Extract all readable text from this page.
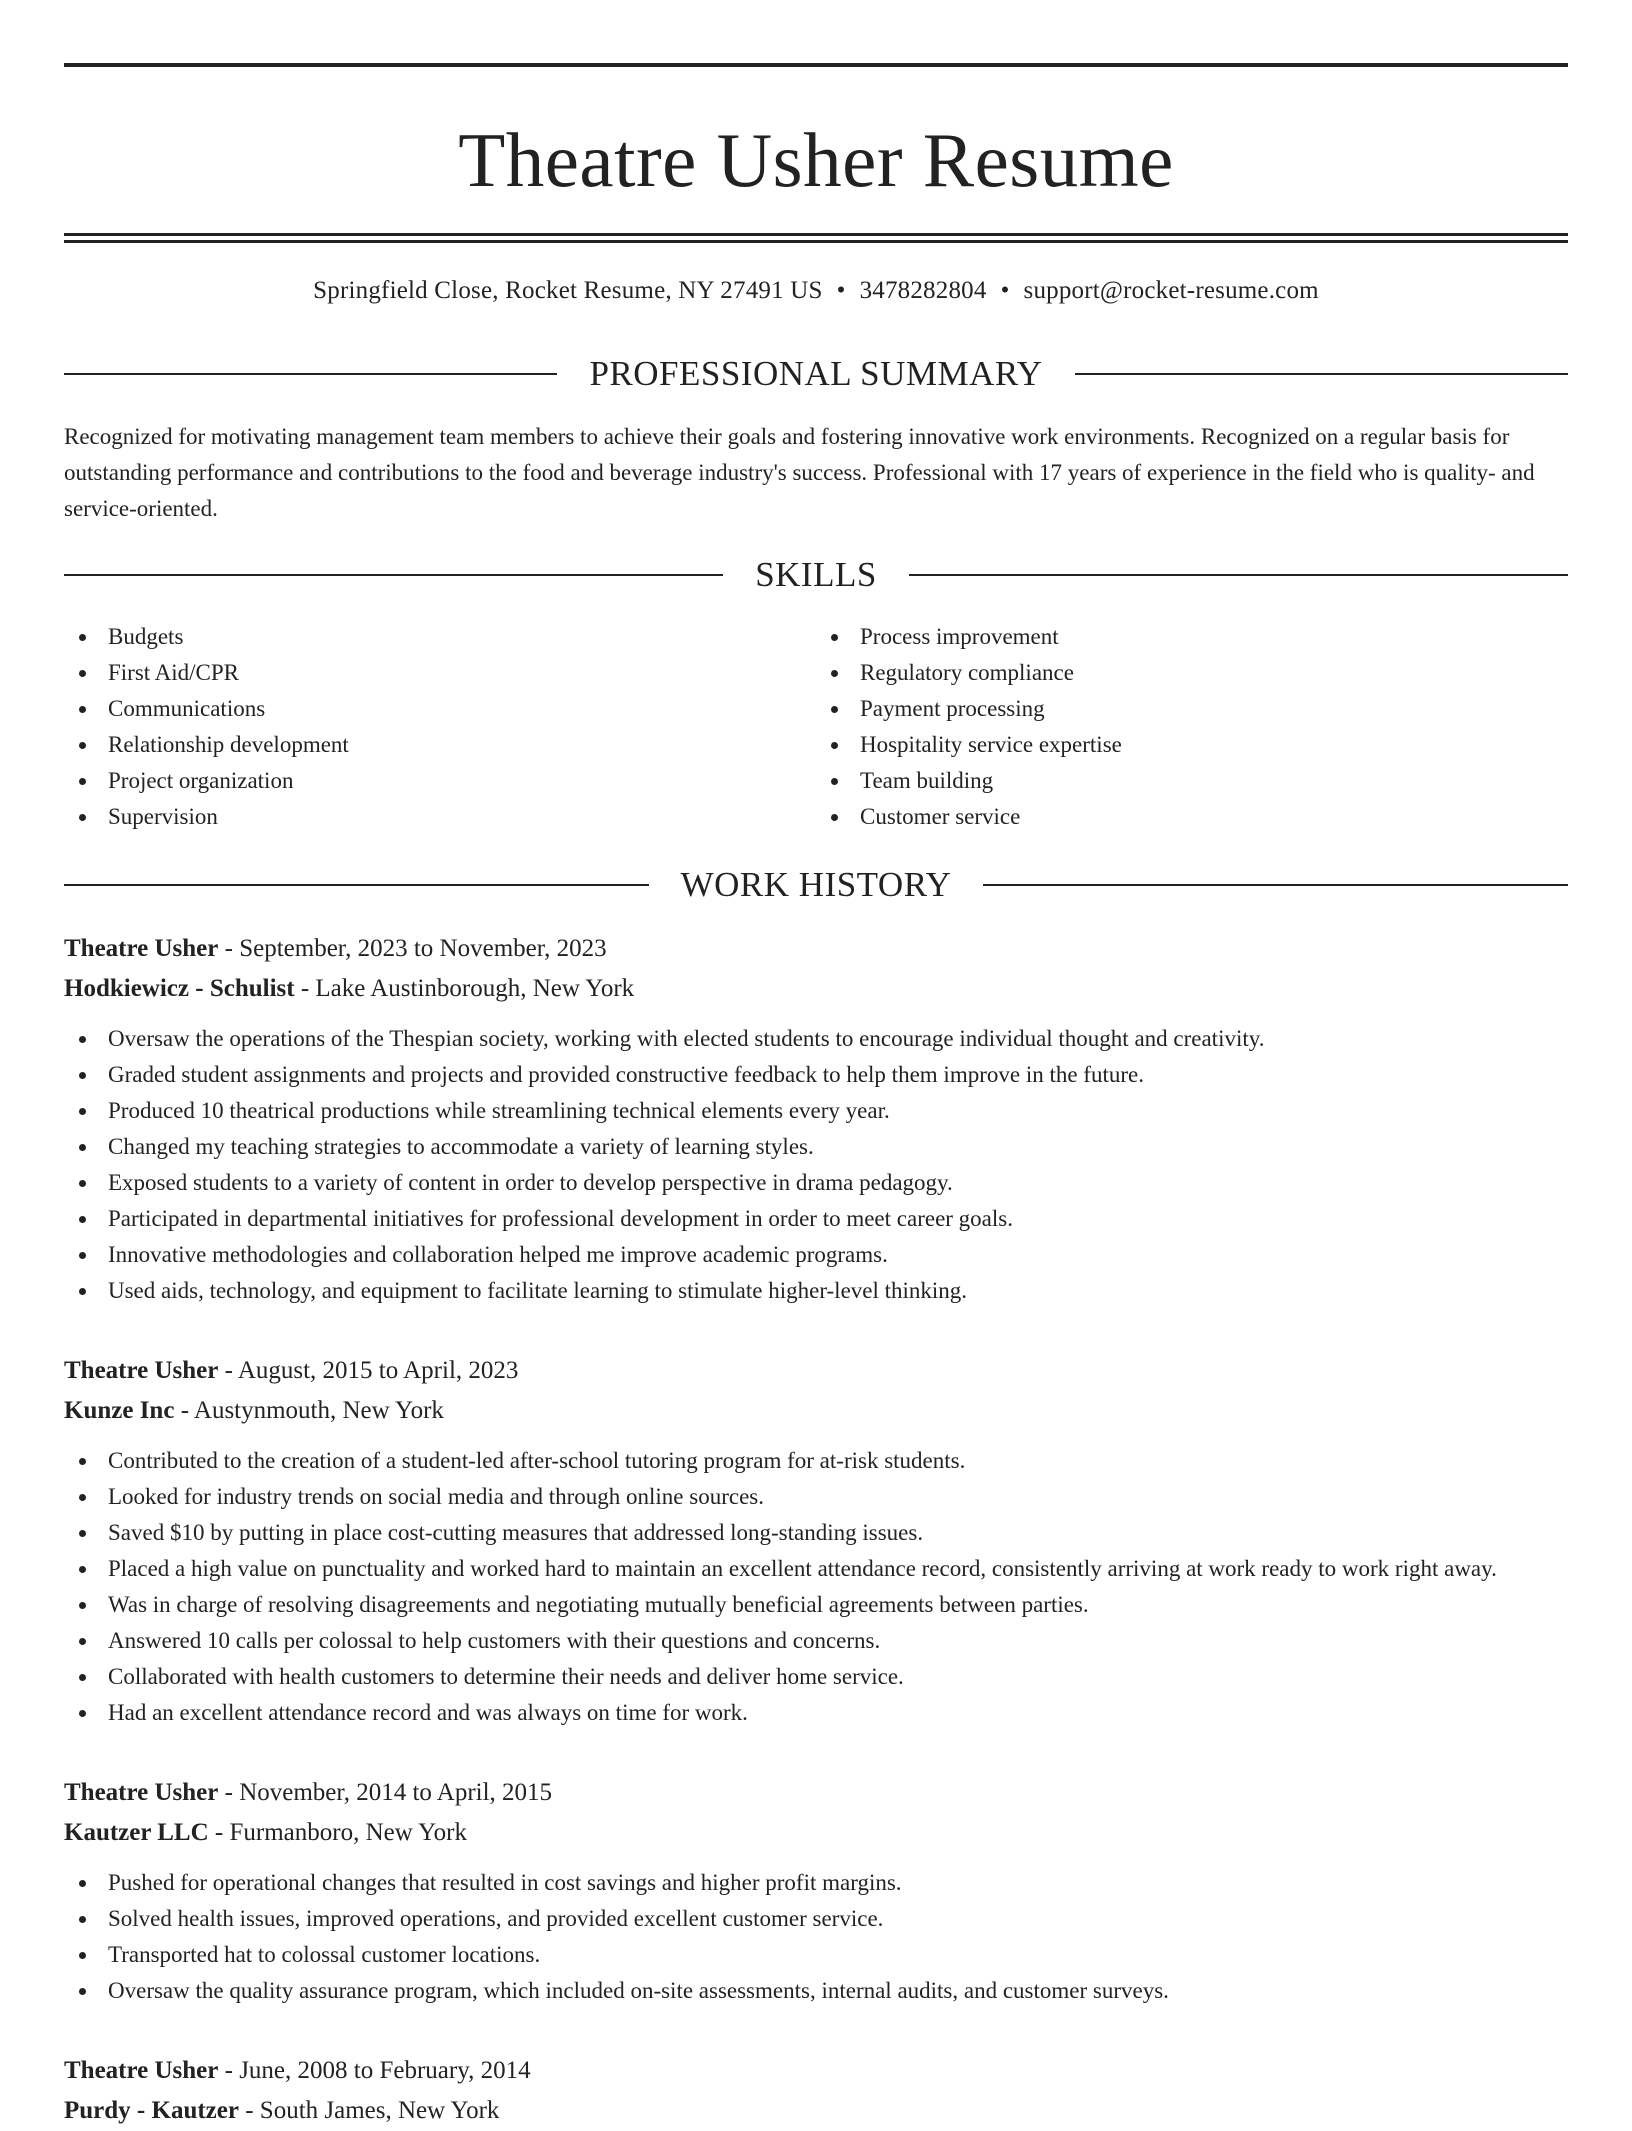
Theatre Usher Resume
Springfield Close, Rocket Resume, NY 27491 US • 3478282804 • support@rocket-resume.com
PROFESSIONAL SUMMARY
Recognized for motivating management team members to achieve their goals and fostering innovative work environments. Recognized on a regular basis for outstanding performance and contributions to the food and beverage industry's success. Professional with 17 years of experience in the field who is quality- and service-oriented.
SKILLS
Budgets
First Aid/CPR
Communications
Relationship development
Project organization
Supervision
Process improvement
Regulatory compliance
Payment processing
Hospitality service expertise
Team building
Customer service
WORK HISTORY
Theatre Usher - September, 2023 to November, 2023
Hodkiewicz - Schulist - Lake Austinborough, New York
Oversaw the operations of the Thespian society, working with elected students to encourage individual thought and creativity.
Graded student assignments and projects and provided constructive feedback to help them improve in the future.
Produced 10 theatrical productions while streamlining technical elements every year.
Changed my teaching strategies to accommodate a variety of learning styles.
Exposed students to a variety of content in order to develop perspective in drama pedagogy.
Participated in departmental initiatives for professional development in order to meet career goals.
Innovative methodologies and collaboration helped me improve academic programs.
Used aids, technology, and equipment to facilitate learning to stimulate higher-level thinking.
Theatre Usher - August, 2015 to April, 2023
Kunze Inc - Austynmouth, New York
Contributed to the creation of a student-led after-school tutoring program for at-risk students.
Looked for industry trends on social media and through online sources.
Saved $10 by putting in place cost-cutting measures that addressed long-standing issues.
Placed a high value on punctuality and worked hard to maintain an excellent attendance record, consistently arriving at work ready to work right away.
Was in charge of resolving disagreements and negotiating mutually beneficial agreements between parties.
Answered 10 calls per colossal to help customers with their questions and concerns.
Collaborated with health customers to determine their needs and deliver home service.
Had an excellent attendance record and was always on time for work.
Theatre Usher - November, 2014 to April, 2015
Kautzer LLC - Furmanboro, New York
Pushed for operational changes that resulted in cost savings and higher profit margins.
Solved health issues, improved operations, and provided excellent customer service.
Transported hat to colossal customer locations.
Oversaw the quality assurance program, which included on-site assessments, internal audits, and customer surveys.
Theatre Usher - June, 2008 to February, 2014
Purdy - Kautzer - South James, New York
